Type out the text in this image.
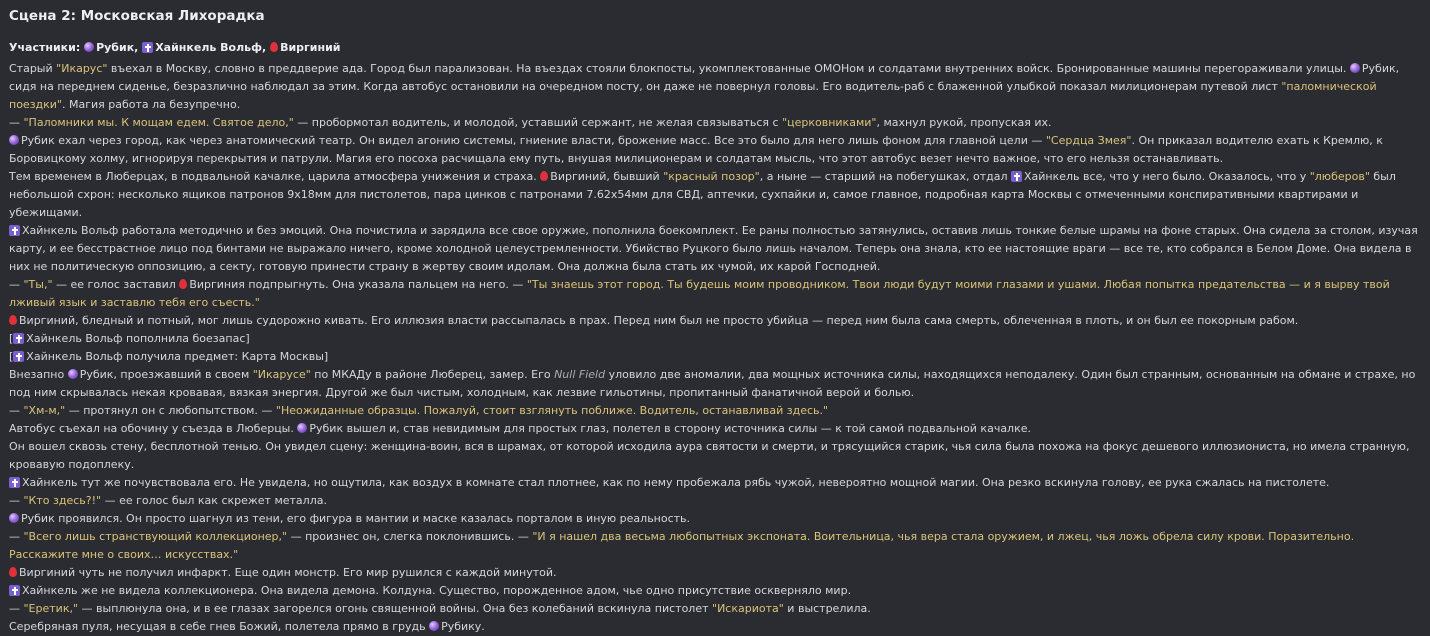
Сцена 2: Московская Лихорадка
Участники: Рубик, Хайнкель Вольф, Виргиний
Старый "Икарус" въехал в Москву, словно в преддверие ада. Город был парализован. На въездах стояли блокпосты, укомплектованные ОМОНом и солдатами внутренних войск. Бронированные машины перегораживали улицы. Рубик, сидя на переднем сиденье, безразлично наблюдал за этим. Когда автобус остановили на очередном посту, он даже не повернул головы. Его водитель-раб с блаженной улыбкой показал милиционерам путевой лист "паломнической поездки". Магия работа ла безупречно.
— "Паломники мы. К мощам едем. Святое дело," — пробормотал водитель, и молодой, уставший сержант, не желая связываться с "церковниками", махнул рукой, пропуская их.
Рубик ехал через город, как через анатомический театр. Он видел агонию системы, гниение власти, брожение масс. Все это было для него лишь фоном для главной цели — "Сердца Змея". Он приказал водителю ехать к Кремлю, к Боровицкому холму, игнорируя перекрытия и патрули. Магия его посоха расчищала ему путь, внушая милиционерам и солдатам мысль, что этот автобус везет нечто важное, что его нельзя останавливать.
Тем временем в Люберцах, в подвальной качалке, царила атмосфера унижения и страха. Виргиний, бывший "красный позор", а ныне — старший на побегушках, отдал Хайнкель все, что у него было. Оказалось, что у "люберов" был небольшой схрон: несколько ящиков патронов 9х18мм для пистолетов, пара цинков с патронами 7.62х54мм для СВД, аптечки, сухпайки и, самое главное, подробная карта Москвы с отмеченными конспиративными квартирами и убежищами.
Хайнкель Вольф работала методично и без эмоций. Она почистила и зарядила все свое оружие, пополнила боекомплект. Ее раны полностью затянулись, оставив лишь тонкие белые шрамы на фоне старых. Она сидела за столом, изучая карту, и ее бесстрастное лицо под бинтами не выражало ничего, кроме холодной целеустремленности. Убийство Руцкого было лишь началом. Теперь она знала, кто ее настоящие враги — все те, кто собрался в Белом Доме. Она видела в них не политическую оппозицию, а секту, готовую принести страну в жертву своим идолам. Она должна была стать их чумой, их карой Господней.
— "Ты," — ее голос заставил Виргиния подпрыгнуть. Она указала пальцем на него. — "Ты знаешь этот город. Ты будешь моим проводником. Твои люди будут моими глазами и ушами. Любая попытка предательства — и я вырву твой лживый язык и заставлю тебя его съесть."
Виргиний, бледный и потный, мог лишь судорожно кивать. Его иллюзия власти рассыпалась в прах. Перед ним был не просто убийца — перед ним была сама смерть, облеченная в плоть, и он был ее покорным рабом.
[ Хайнкель Вольф пополнила боезапас]
[ Хайнкель Вольф получила предмет: Карта Москвы]
Внезапно Рубик, проезжавший в своем "Икарусе" по МКАДу в районе Люберец, замер. Его Null Field уловило две аномалии, два мощных источника силы, находящихся неподалеку. Один был странным, основанным на обмане и страхе, но под ним скрывалась некая кровавая, вязкая энергия. Другой же был чистым, холодным, как лезвие гильотины, пропитанный фанатичной верой и болью.
— "Хм-м," — протянул он с любопытством. — "Неожиданные образцы. Пожалуй, стоит взглянуть поближе. Водитель, останавливай здесь."
Автобус съехал на обочину у съезда в Люберцы. Рубик вышел и, став невидимым для простых глаз, полетел в сторону источника силы — к той самой подвальной качалке.
Он вошел сквозь стену, бесплотной тенью. Он увидел сцену: женщина-воин, вся в шрамах, от которой исходила аура святости и смерти, и трясущийся старик, чья сила была похожа на фокус дешевого иллюзиониста, но имела странную, кровавую подоплеку.
Хайнкель тут же почувствовала его. Не увидела, но ощутила, как воздух в комнате стал плотнее, как по нему пробежала рябь чужой, невероятно мощной магии. Она резко вскинула голову, ее рука сжалась на пистолете.
— "Кто здесь?!" — ее голос был как скрежет металла.
Рубик проявился. Он просто шагнул из тени, его фигура в мантии и маске казалась порталом в иную реальность.
— "Всего лишь странствующий коллекционер," — произнес он, слегка поклонившись. — "И я нашел два весьма любопытных экспоната. Воительница, чья вера стала оружием, и лжец, чья ложь обрела силу крови. Поразительно. Расскажите мне о своих… искусствах."
Виргиний чуть не получил инфаркт. Еще один монстр. Его мир рушился с каждой минутой.
Хайнкель же не видела коллекционера. Она видела демона. Колдуна. Существо, порожденное адом, чье одно присутствие оскверняло мир.
— "Еретик," — выплюнула она, и в ее глазах загорелся огонь священной войны. Она без колебаний вскинула пистолет "Искариота" и выстрелила.
Серебряная пуля, несущая в себе гнев Божий, полетела прямо в грудь Рубику.
